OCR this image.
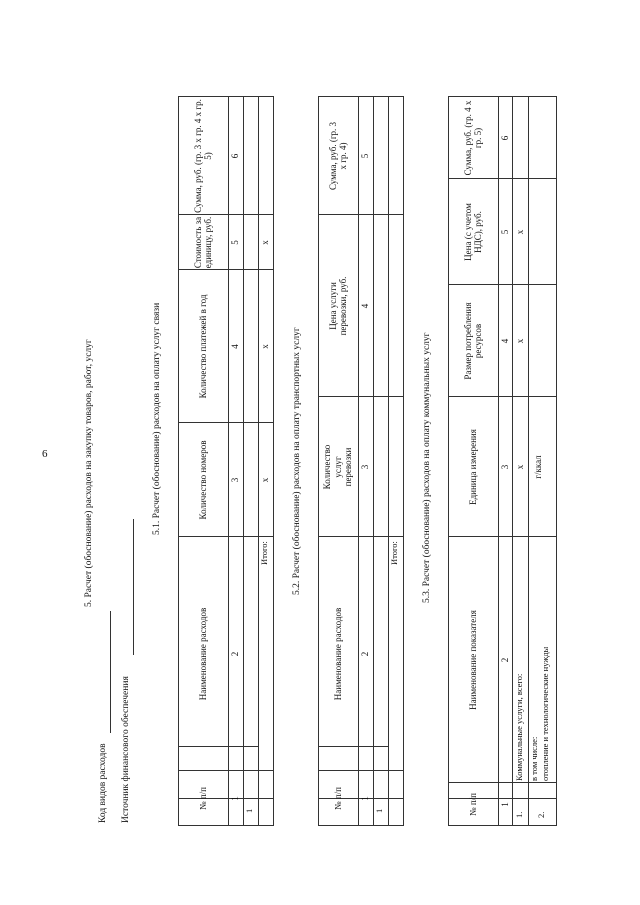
6	5. Расчет (обоснование) расходов на закупку товаров, работ, услуг
Код видов расходов Источник финансового обеспечения
5.1. Расчет (обоснование) расходов на оплату услуг связи
№ п/п
Наименование расходов
Количество номеров
Количество платежей в год
Стоимость за единицу, руб.
Сумма, руб. (гр. 3 х гр. 4 х гр. 5)
1
2
3
4
5
6
1
Итого:
х
х
х
5.2. Расчет (обоснование) расходов на оплату транспортных услуг
№ п/п
Наименование расходов
Количество услуг перевозки
Цена услуги перевозки, руб.
Сумма, руб. (гр. 3 х гр. 4)
1
2
3
4
5
1
Итого: 5.3. Расчет (обоснование) расходов на оплату коммунальных услуг
№ п/п
Наименование показателя
Единица измерения
Размер потребления ресурсов
Цена (с учетом НДС), руб.
Сумма, руб. (гр. 4 х гр. 5)
1
2
3
4
5
6
1.
Коммунальные услуги, всего:
х
х
х
2.
в том числе: отопление и технологические нужды
г/ккал
